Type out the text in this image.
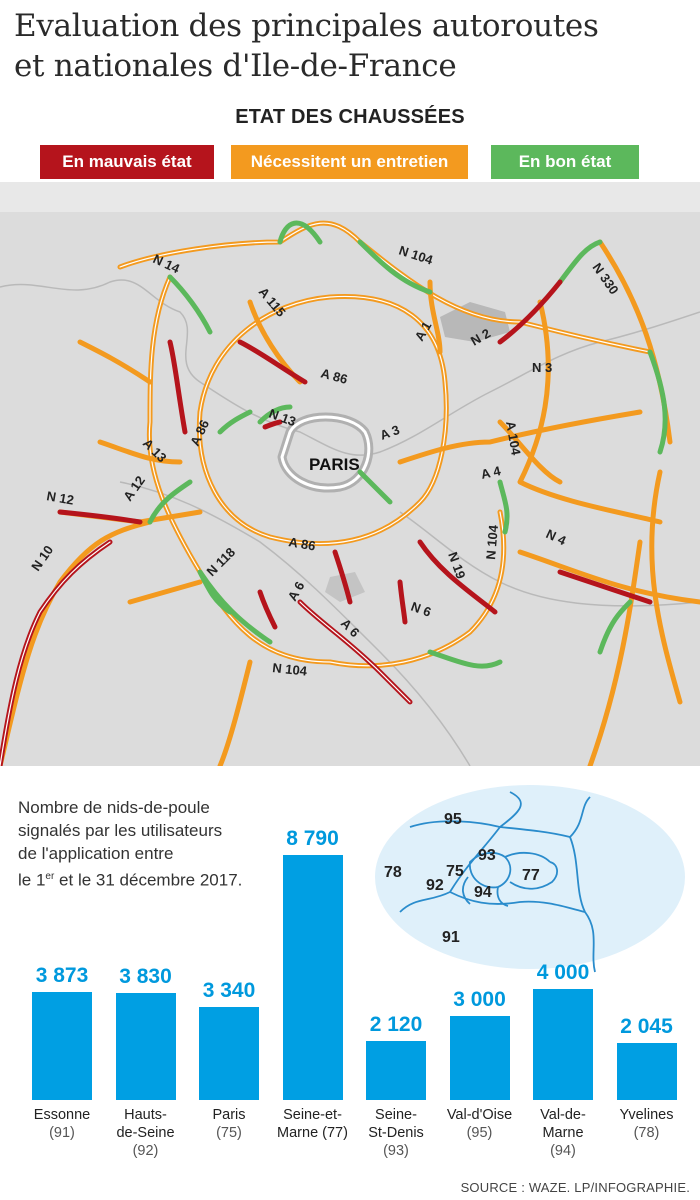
Evaluation des principales autoroutes
et nationales d'Ile-de-France
ETAT DES CHAUSSÉES
En mauvais état	Nécessitent un entretien	En bon état
PARIS
N 14
A 115
N 104
N 330
A 1	N 2
N 3
A 86
A 86
N 13
A 3
A 13	A 104
A 4
A 12
N 12
A 86	N 104	N 4
N 19
N 118
A 6
N 10
N 6
A 6
N 104
Nombre de nids-de-poule
signalés par les utilisateurs
de l'application entre
le 1er et le 31 décembre 2017.
95
78	75
93
92 94
77
91
3 873
Essonne
(91)
3 830
Hauts-
de-Seine
(92)
3 340
Paris
(75)
8 790
Seine-et-
Marne (77)
2 120
Seine-
St-Denis
(93)
3 000
Val-d'Oise
(95)
4 000
Val-de-
Marne
(94)
2 045
Yvelines
(78)
SOURCE : WAZE. LP/INFOGRAPHIE.
